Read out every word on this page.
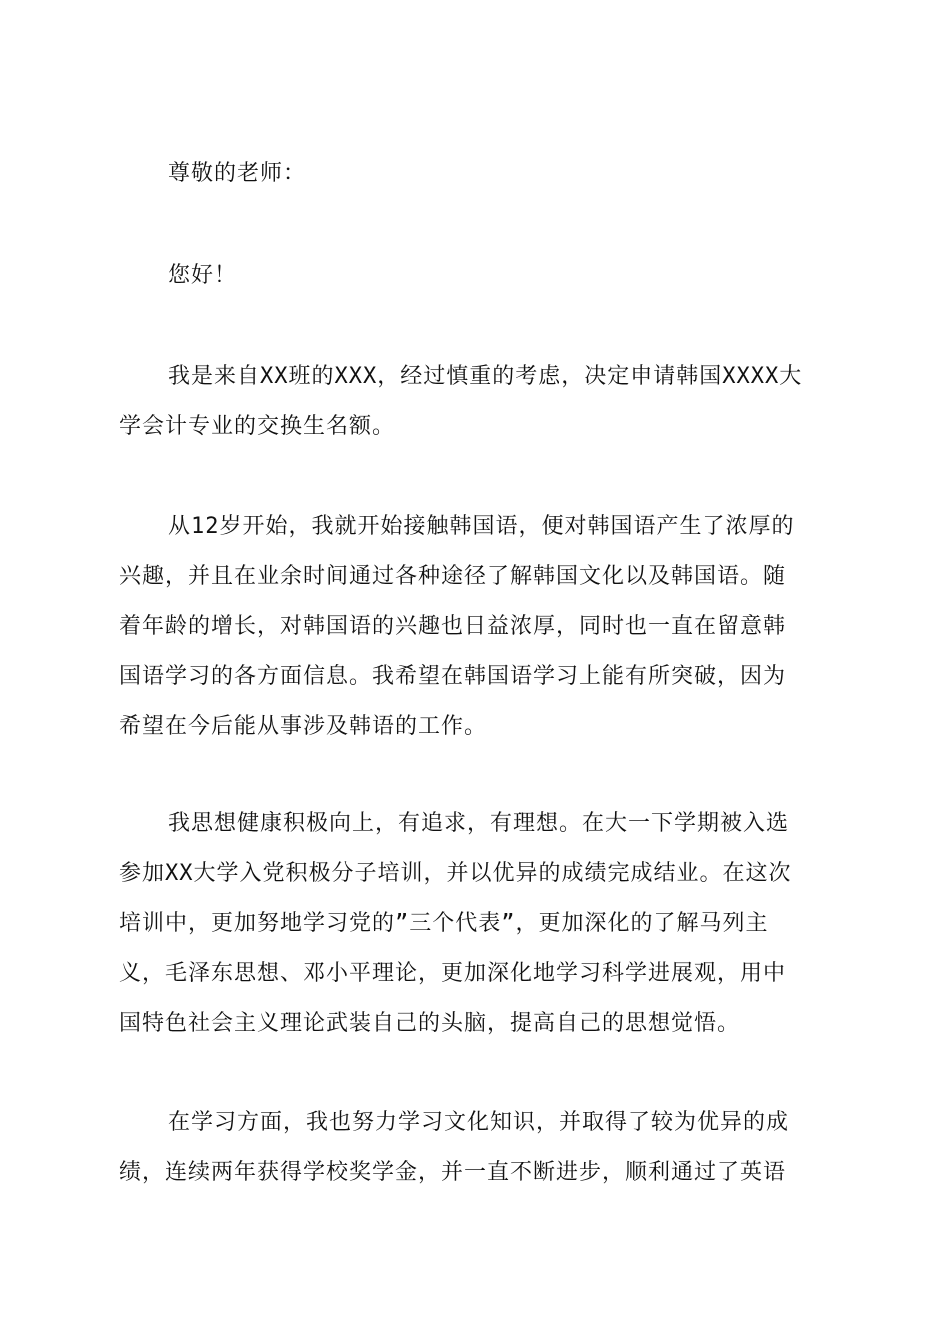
尊敬的老师：

您好！

我是来自XX班的XXX，经过慎重的考虑，决定申请韩国XXXX大
学会计专业的交换生名额。

从12岁开始，我就开始接触韩国语，便对韩国语产生了浓厚的
兴趣，并且在业余时间通过各种途径了解韩国文化以及韩国语。随
着年龄的增长，对韩国语的兴趣也日益浓厚，同时也一直在留意韩
国语学习的各方面信息。我希望在韩国语学习上能有所突破，因为
希望在今后能从事涉及韩语的工作。

我思想健康积极向上，有追求，有理想。在大一下学期被入选
参加XX大学入党积极分子培训，并以优异的成绩完成结业。在这次
培训中，更加努地学习党的”三个代表”，更加深化的了解马列主
义，毛泽东思想、邓小平理论，更加深化地学习科学进展观，用中
国特色社会主义理论武装自己的头脑，提高自己的思想觉悟。

在学习方面，我也努力学习文化知识，并取得了较为优异的成
绩，连续两年获得学校奖学金，并一直不断进步，顺利通过了英语
